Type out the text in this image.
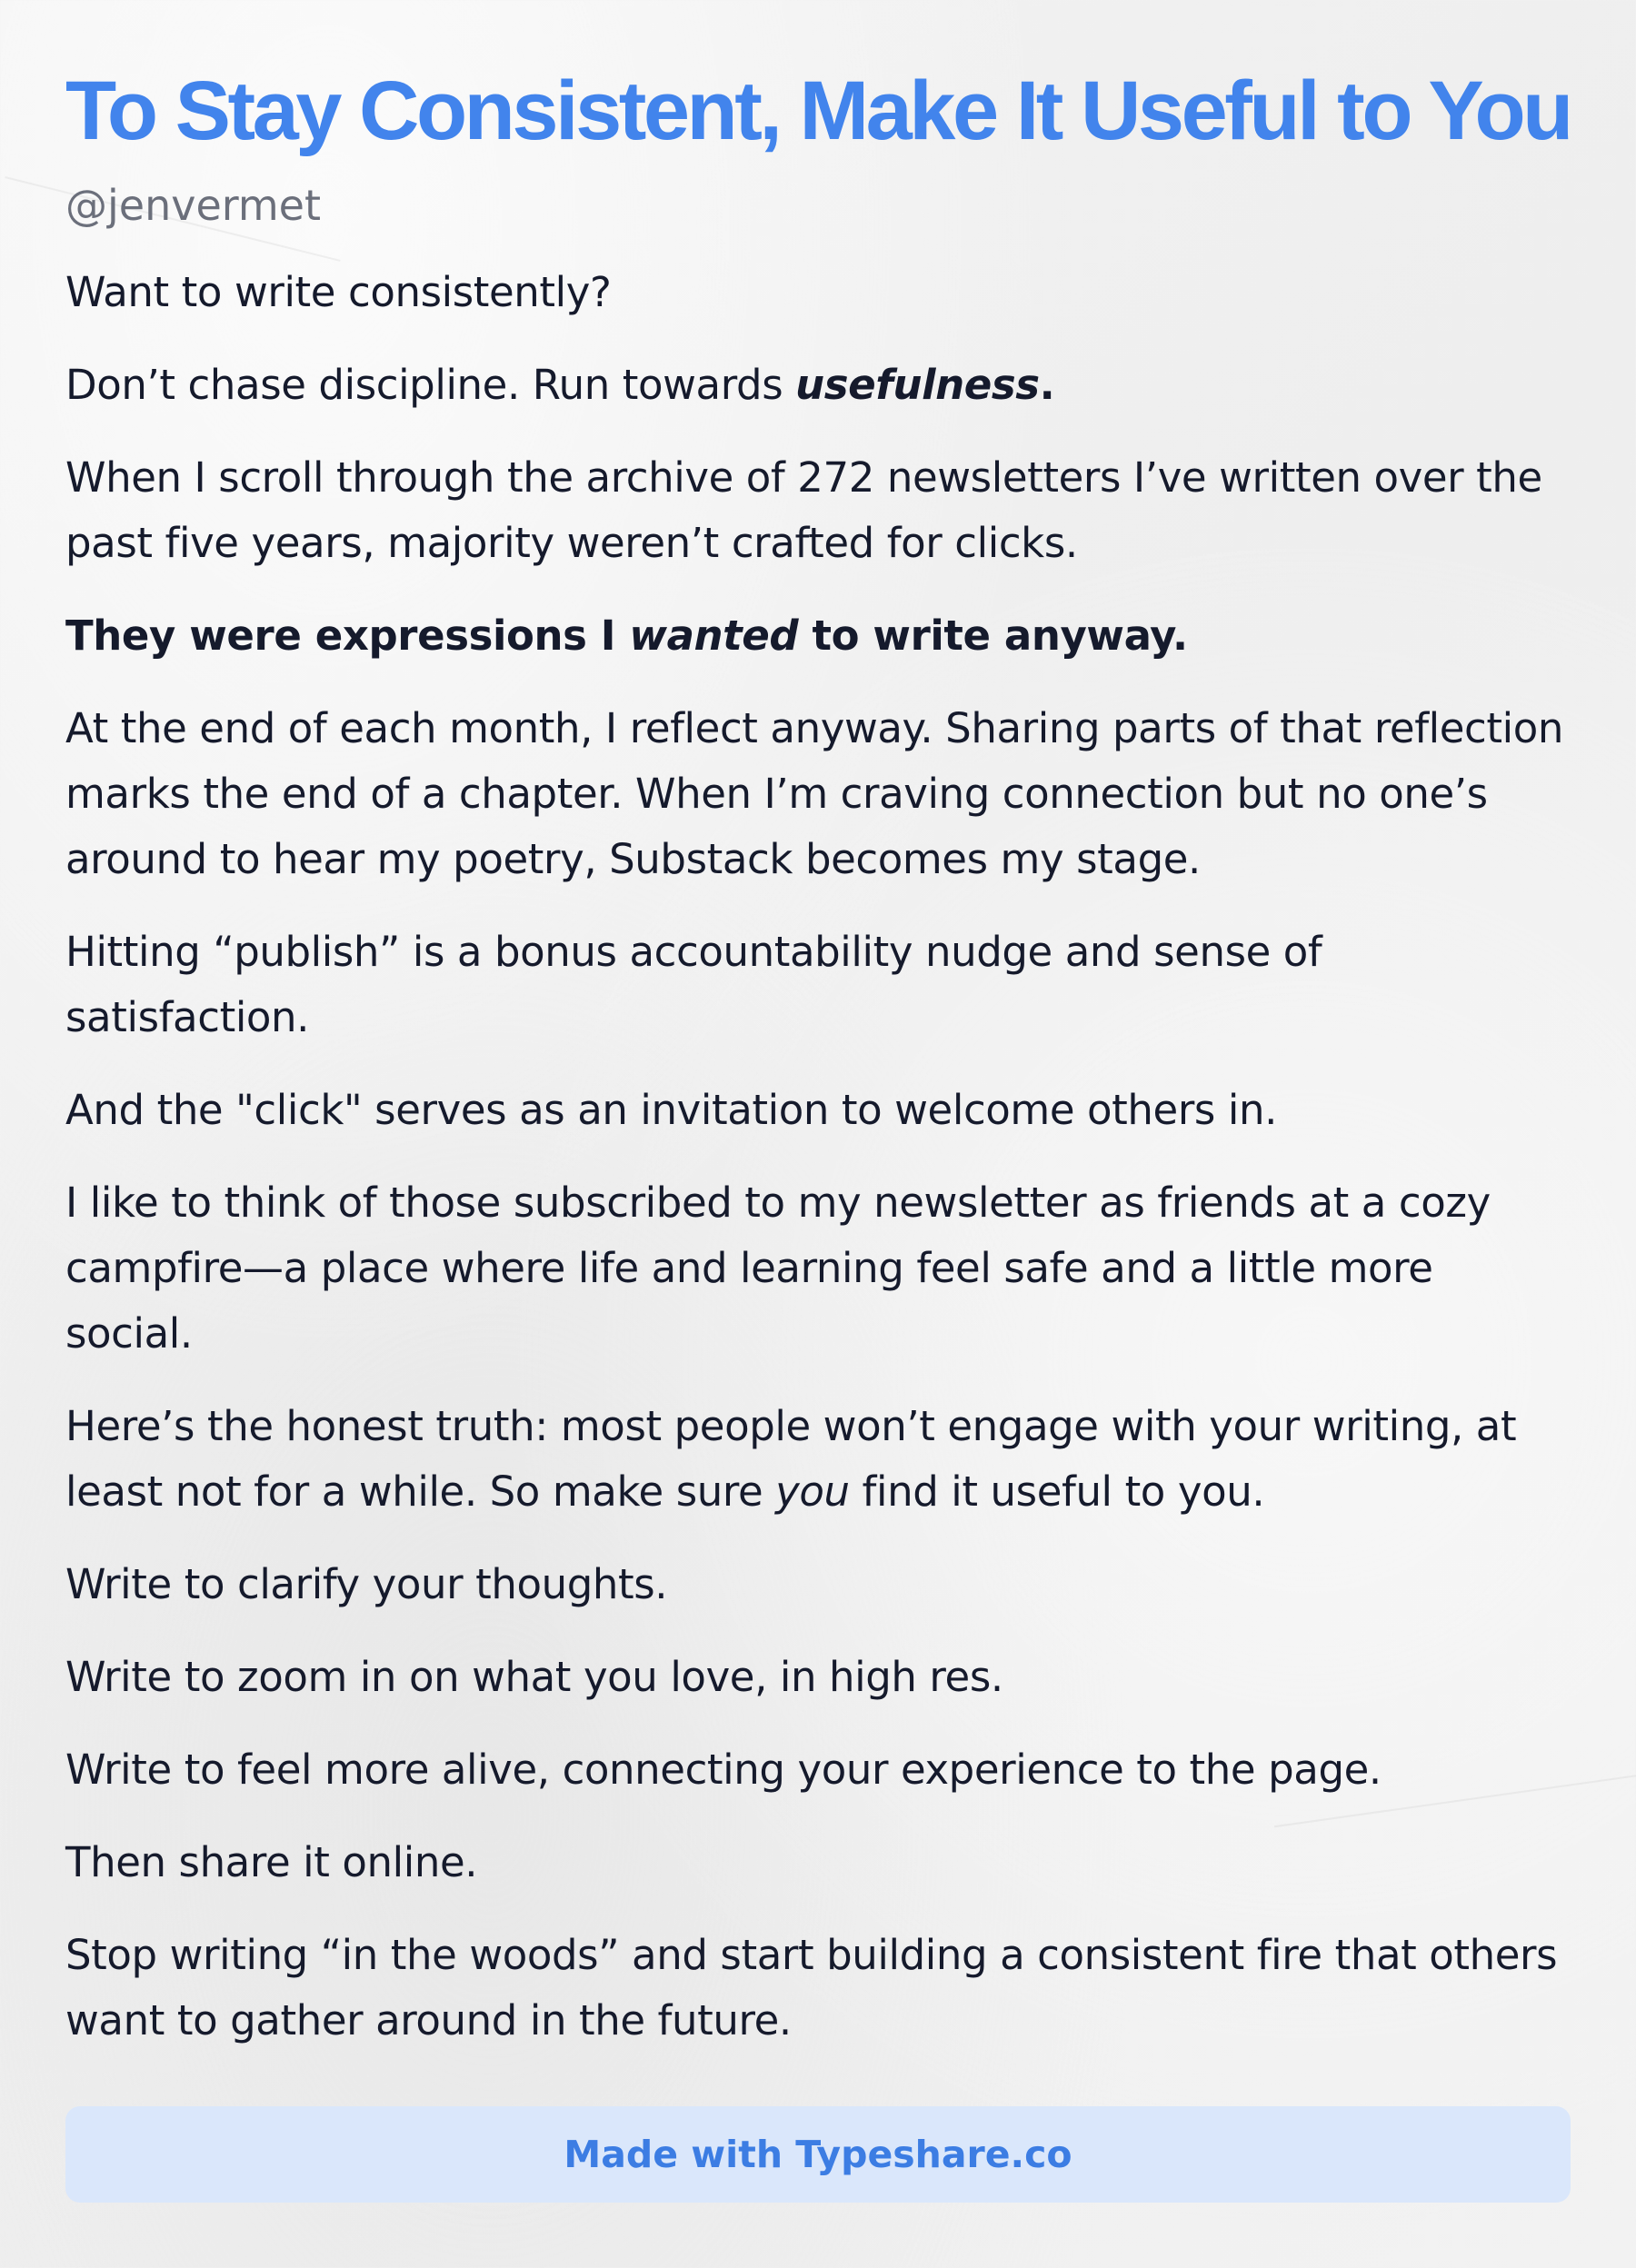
To Stay Consistent, Make It Useful to You
@jenvermet

Want to write consistently?

Don’t chase discipline. Run towards usefulness.

When I scroll through the archive of 272 newsletters I’ve written over the past five years, majority weren’t crafted for clicks.

They were expressions I wanted to write anyway.

At the end of each month, I reflect anyway. Sharing parts of that reflection marks the end of a chapter. When I’m craving connection but no one’s around to hear my poetry, Substack becomes my stage.

Hitting “publish” is a bonus accountability nudge and sense of satisfaction.

And the "click" serves as an invitation to welcome others in.

I like to think of those subscribed to my newsletter as friends at a cozy campfire—a place where life and learning feel safe and a little more social.

Here’s the honest truth: most people won’t engage with your writing, at least not for a while. So make sure you find it useful to you.

Write to clarify your thoughts.

Write to zoom in on what you love, in high res.

Write to feel more alive, connecting your experience to the page.

Then share it online.

Stop writing “in the woods” and start building a consistent fire that others want to gather around in the future.

Made with Typeshare.co
